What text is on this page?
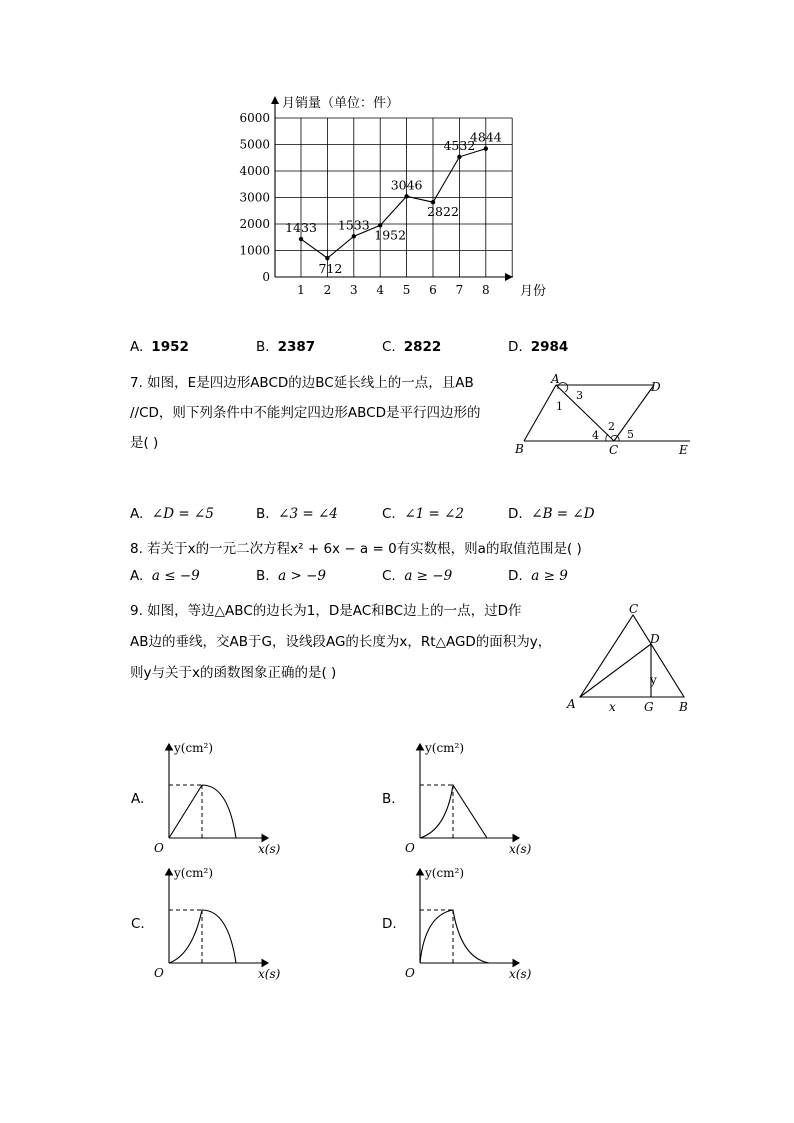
0
1000
2000
3000
4000
5000
6000
1 2 3 4 5 6 7 8
1433
712
1533
1952
3046
2822
4532
4844
月销量（单位：件）
月份
A. 1952	B. 2387	C. 2822	D. 2984
7. 如图，E是四边形ABCD的边BC延长线上的一点，且AB
//CD，则下列条件中不能判定四边形ABCD是平行四边形的
是( )
A
D
B	C	E
1
2
3
4	5
A. ∠D = ∠5	B. ∠3 = ∠4	C. ∠1 = ∠2	D. ∠B = ∠D
8. 若关于x的一元二次方程x² + 6x − a = 0有实数根，则a的取值范围是( )
A. a ≤ −9	B. a > −9	C. a ≥ −9	D. a ≥ 9
9. 如图，等边△ABC的边长为1，D是AC和BC边上的一点，过D作
AB边的垂线，交AB于G，设线段AG的长度为x，Rt△AGD的面积为y，
则y与关于x的函数图象正确的是( )
C
D
y
A	x G B
A.
y(cm²)
x(s)
O
B.
y(cm²)
x(s)
O
C.
y(cm²)
x(s)
O
D.
y(cm²)
x(s)
O
